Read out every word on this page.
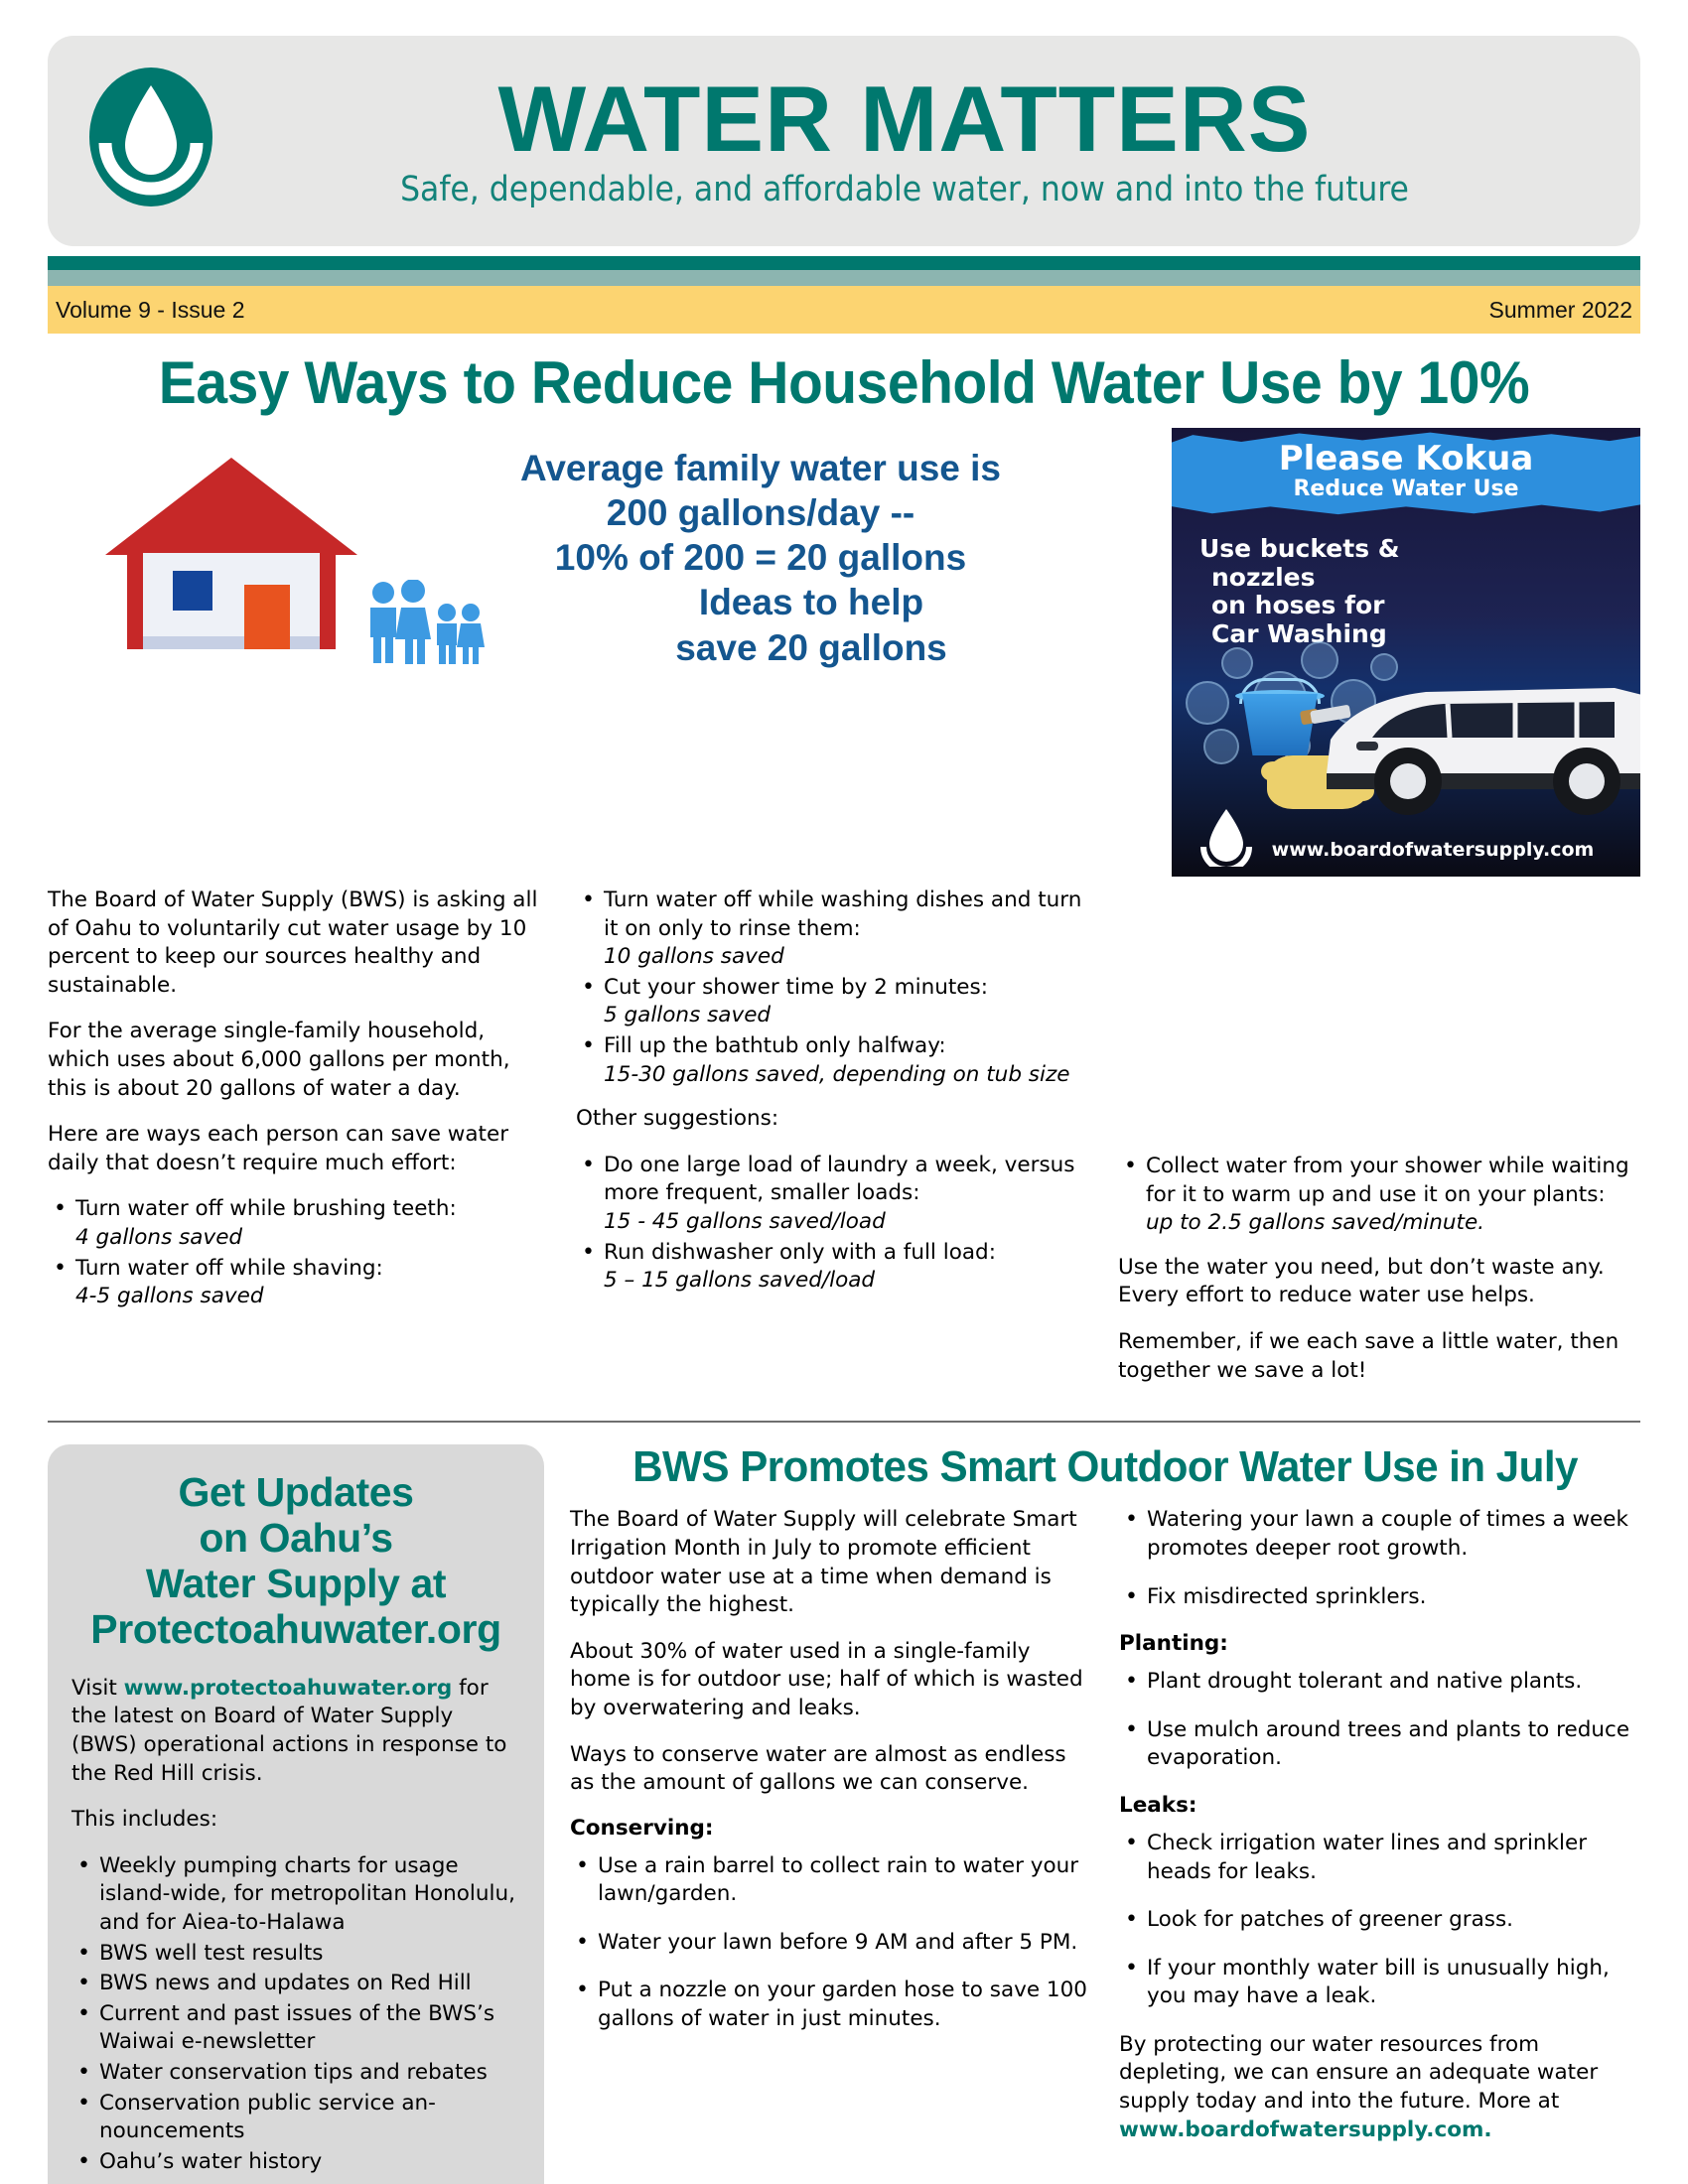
WATER MATTERS
Safe, dependable, and affordable water, now and into the future
Volume 9 - Issue 2	Summer 2022
Easy Ways to Reduce Household Water Use by 10%
Average family water use is
200 gallons/day --
10% of 200 = 20 gallons
Ideas to help
save 20 gallons
Please Kokua
Reduce Water Use
Use buckets &
nozzles
on hoses for
Car Washing
www.boardofwatersupply.com

The Board of Water Supply (BWS) is asking all of Oahu to voluntarily cut water usage by 10 percent to keep our sources healthy and sustainable.

For the average single-family household, which uses about 6,000 gallons per month, this is about 20 gallons of water a day.

Here are ways each person can save water daily that doesn’t require much effort:

• Turn water off while brushing teeth:
4 gallons saved
• Turn water off while shaving:
4-5 gallons saved
• Turn water off while washing dishes and turn it on only to rinse them:
10 gallons saved
• Cut your shower time by 2 minutes:
5 gallons saved
• Fill up the bathtub only halfway:
15-30 gallons saved, depending on tub size

Other suggestions:

• Do one large load of laundry a week, versus more frequent, smaller loads:
15 - 45 gallons saved/load
• Run dishwasher only with a full load:
5 – 15 gallons saved/load
• Collect water from your shower while waiting for it to warm up and use it on your plants:
up to 2.5 gallons saved/minute.

Use the water you need, but don’t waste any. Every effort to reduce water use helps.

Remember, if we each save a little water, then together we save a lot!

Get Updates
on Oahu’s
Water Supply at
Protectoahuwater.org

Visit www.protectoahuwater.org for the latest on Board of Water Supply (BWS) operational actions in response to the Red Hill crisis.

This includes:

• Weekly pumping charts for usage island-wide, for metropolitan Honolulu, and for Aiea-to-Halawa
• BWS well test results
• BWS news and updates on Red Hill
• Current and past issues of the BWS’s Waiwai e-newsletter
• Water conservation tips and rebates
• Conservation public service an-nouncements
• Oahu’s water history
BWS Promotes Smart Outdoor Water Use in July

The Board of Water Supply will celebrate Smart Irrigation Month in July to promote efficient outdoor water use at a time when demand is typically the highest.

About 30% of water used in a single-family home is for outdoor use; half of which is wasted by overwatering and leaks.

Ways to conserve water are almost as endless as the amount of gallons we can conserve.

Conserving:
• Use a rain barrel to collect rain to water your lawn/garden.
• Water your lawn before 9 AM and after 5 PM.
• Put a nozzle on your garden hose to save 100 gallons of water in just minutes.
• Watering your lawn a couple of times a week promotes deeper root growth.
• Fix misdirected sprinklers.
Planting:
• Plant drought tolerant and native plants.
• Use mulch around trees and plants to reduce evaporation.
Leaks:
• Check irrigation water lines and sprinkler heads for leaks.
• Look for patches of greener grass.
• If your monthly water bill is unusually high, you may have a leak.

By protecting our water resources from depleting, we can ensure an adequate water supply today and into the future. More at www.boardofwatersupply.com.
